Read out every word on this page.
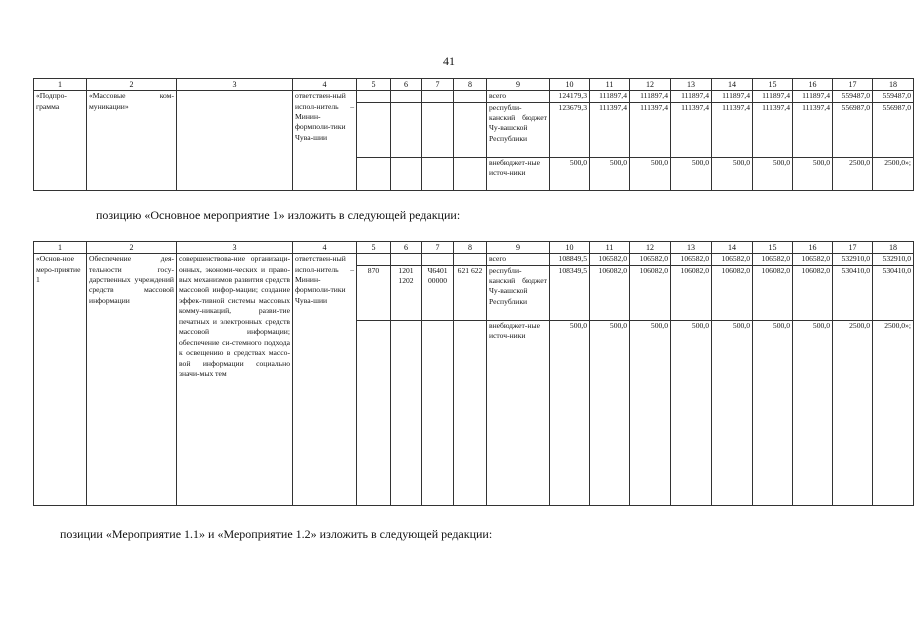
41
1	2	3	4	5	6	7	8	9	10	11	12	13	14	15	16	17	18
«Подпро-грамма	«Массовые ком-муникации»		ответствен-ный испол-нитель – Минин-формпoли-тики Чува-шии					всего	124179,3	111897,4	111897,4	111897,4	111897,4	111897,4	111897,4	559487,0	559487,0
								республи-канский бюджет Чу-вашской Республики	123679,3	111397,4	111397,4	111397,4	111397,4	111397,4	111397,4	556987,0	556987,0
								внебюджет-ные источ-ники	500,0	500,0	500,0	500,0	500,0	500,0	500,0	2500,0	2500,0»;
позицию «Основное мероприятие 1» изложить в следующей редакции:
1	2	3	4	5	6	7	8	9	10	11	12	13	14	15	16	17	18
«Основ-ное меро-приятие 1	Обеспечение дея-тельности госу-дарственных учреждений средств массовой информации	совершенствова-ние организаци-онных, экономи-ческих и право-вых механизмов развития средств массовой инфор-мации; создание эффек-тивной системы массовых комму-никаций, разви-тие печатных и электронных средств массовой информации; обеспечение си-стемного подхода к освещению в средствах массо-вой информации социально значи-мых тем	ответствен-ный испол-нитель – Минин-формпoли-тики Чува-шии					всего	108849,5	106582,0	106582,0	106582,0	106582,0	106582,0	106582,0	532910,0	532910,0
				870	1201 1202	Ч6401 00000	621 622	республи-канский бюджет Чу-вашской Республики	108349,5	106082,0	106082,0	106082,0	106082,0	106082,0	106082,0	530410,0	530410,0
								внебюджет-ные источ-ники	500,0	500,0	500,0	500,0	500,0	500,0	500,0	2500,0	2500,0»;
позиции «Мероприятие 1.1» и «Мероприятие 1.2» изложить в следующей редакции:
